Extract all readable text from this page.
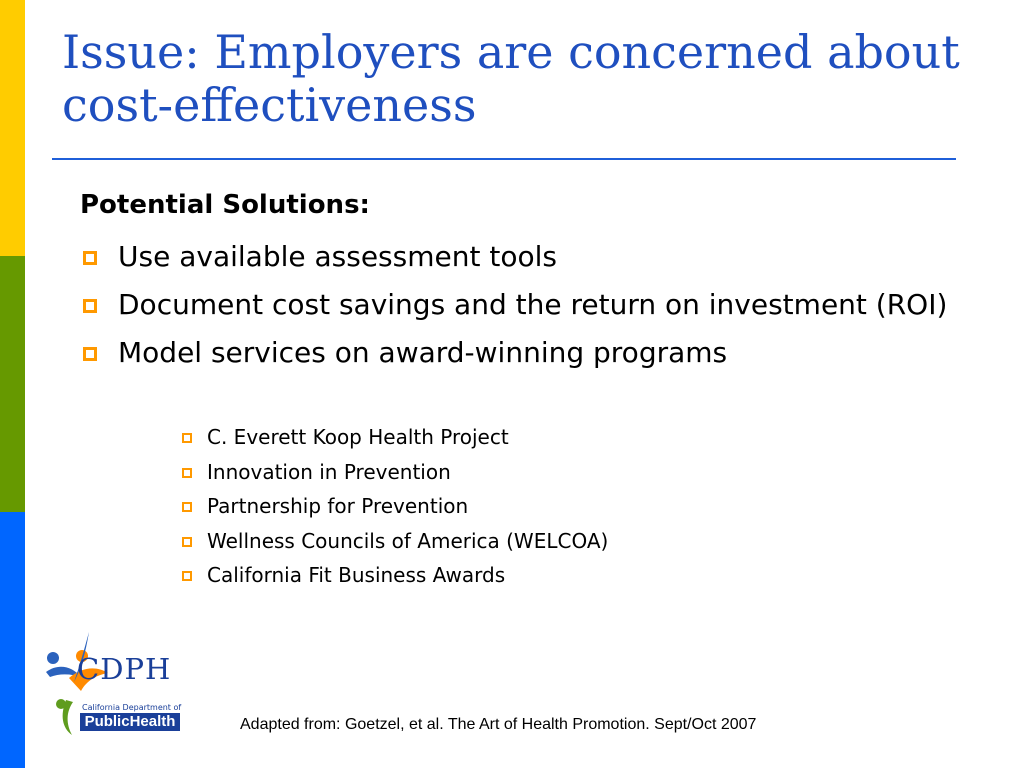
Issue: Employers are concerned about
cost-effectiveness
Potential Solutions:
Use available assessment tools
Document cost savings and the return on investment (ROI)
Model services on award-winning programs
C. Everett Koop Health Project
Innovation in Prevention
Partnership for Prevention
Wellness Councils of America (WELCOA)
California Fit Business Awards
CDPH
California Department of
PublicHealth	Adapted from: Goetzel, et al. The Art of Health Promotion. Sept/Oct 2007
